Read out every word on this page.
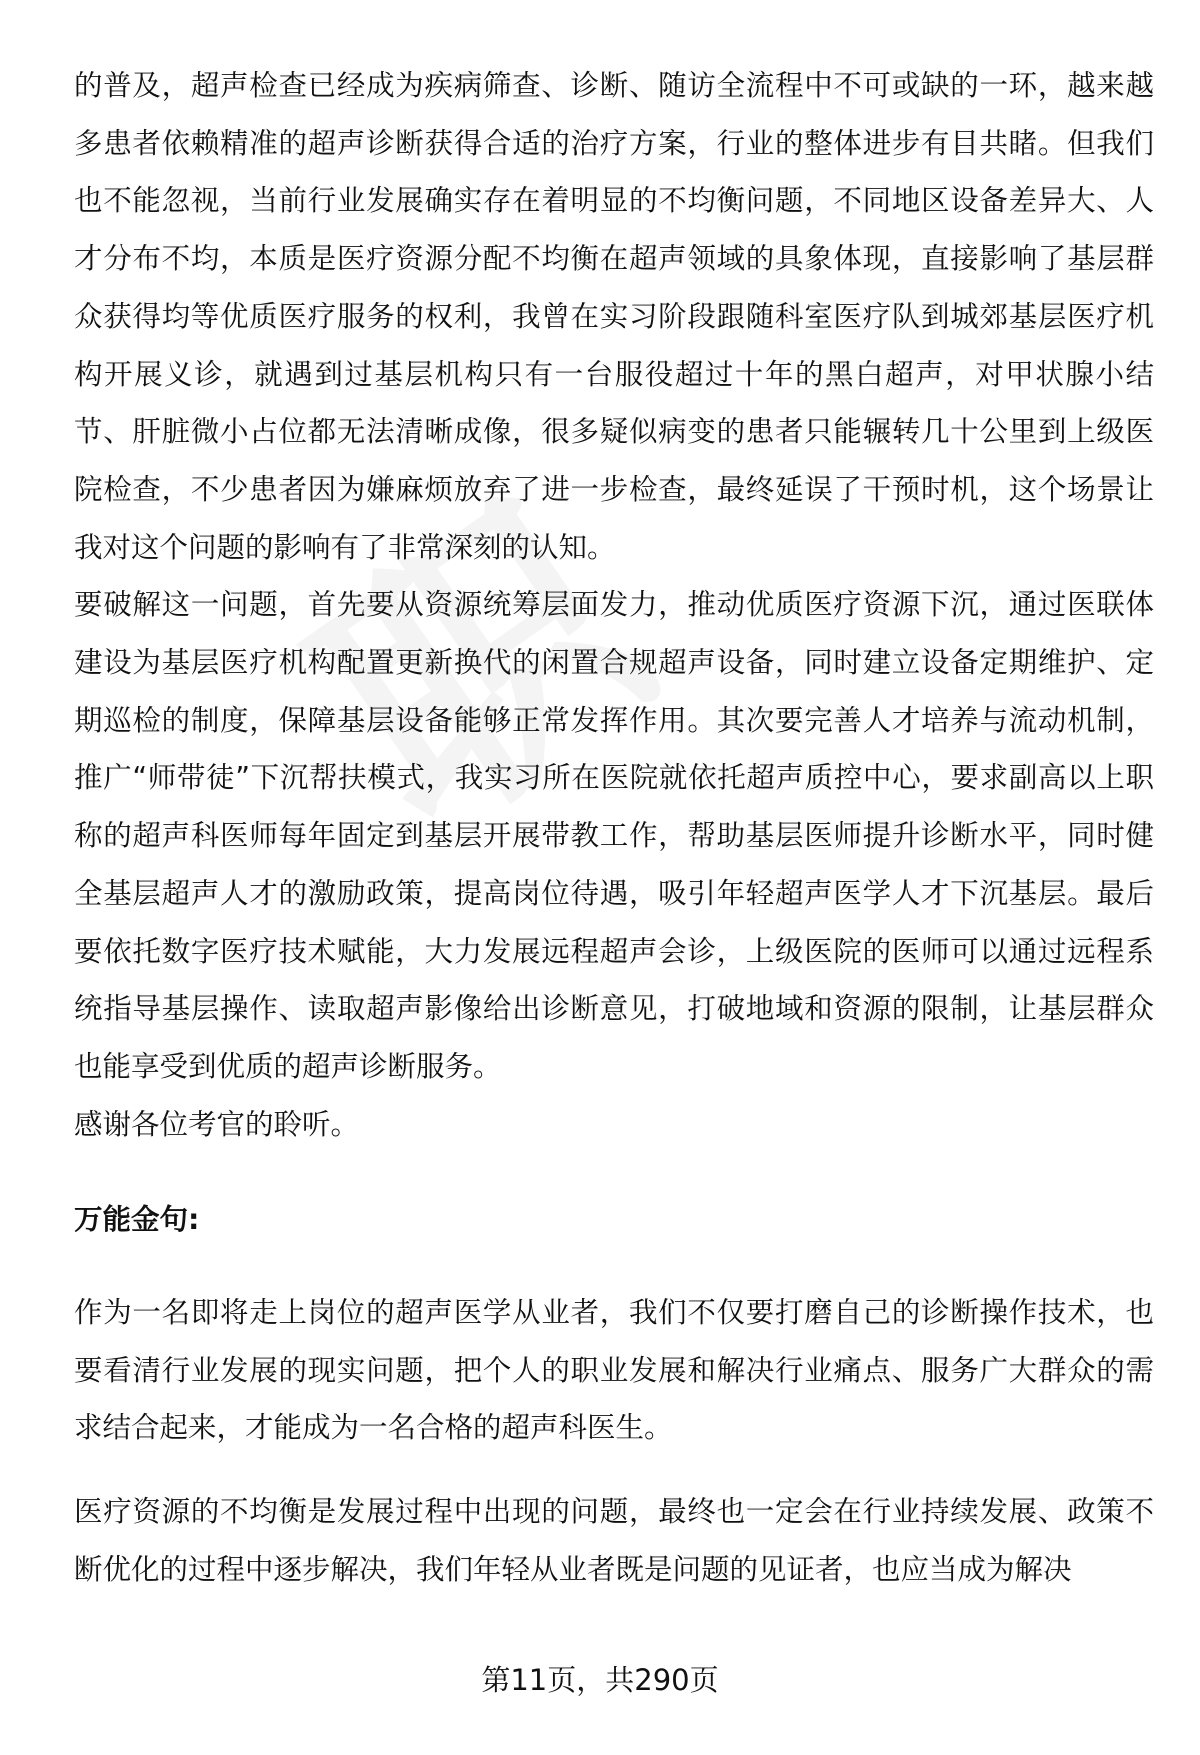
的普及，超声检查已经成为疾病筛查、诊断、随访全流程中不可或缺的一环，越来越多患者依赖精准的超声诊断获得合适的治疗方案，行业的整体进步有目共睹。但我们也不能忽视，当前行业发展确实存在着明显的不均衡问题，不同地区设备差异大、人才分布不均，本质是医疗资源分配不均衡在超声领域的具象体现，直接影响了基层群众获得均等优质医疗服务的权利，我曾在实习阶段跟随科室医疗队到城郊基层医疗机构开展义诊，就遇到过基层机构只有一台服役超过十年的黑白超声，对甲状腺小结节、肝脏微小占位都无法清晰成像，很多疑似病变的患者只能辗转几十公里到上级医院检查，不少患者因为嫌麻烦放弃了进一步检查，最终延误了干预时机，这个场景让我对这个问题的影响有了非常深刻的认知。

要破解这一问题，首先要从资源统筹层面发力，推动优质医疗资源下沉，通过医联体建设为基层医疗机构配置更新换代的闲置合规超声设备，同时建立设备定期维护、定期巡检的制度，保障基层设备能够正常发挥作用。其次要完善人才培养与流动机制，推广“师带徒”下沉帮扶模式，我实习所在医院就依托超声质控中心，要求副高以上职称的超声科医师每年固定到基层开展带教工作，帮助基层医师提升诊断水平，同时健全基层超声人才的激励政策，提高岗位待遇，吸引年轻超声医学人才下沉基层。最后要依托数字医疗技术赋能，大力发展远程超声会诊，上级医院的医师可以通过远程系统指导基层操作、读取超声影像给出诊断意见，打破地域和资源的限制，让基层群众也能享受到优质的超声诊断服务。

感谢各位考官的聆听。

万能金句:

作为一名即将走上岗位的超声医学从业者，我们不仅要打磨自己的诊断操作技术，也要看清行业发展的现实问题，把个人的职业发展和解决行业痛点、服务广大群众的需求结合起来，才能成为一名合格的超声科医生。

医疗资源的不均衡是发展过程中出现的问题，最终也一定会在行业持续发展、政策不断优化的过程中逐步解决，我们年轻从业者既是问题的见证者，也应当成为解决

第11页，共290页
